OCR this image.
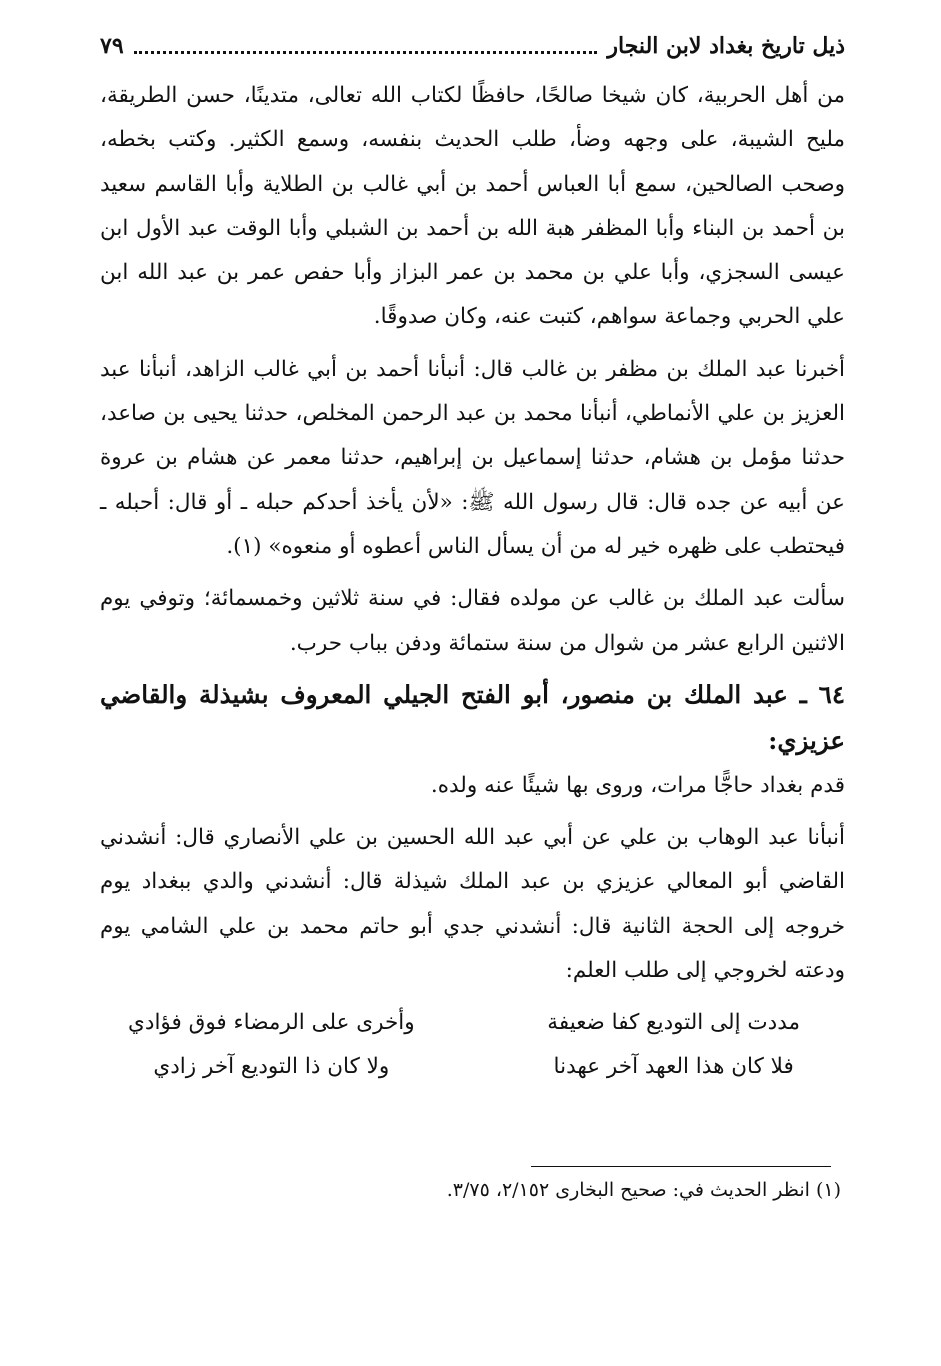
ذيل تاريخ بغداد لابن النجار
٧٩

من أهل الحربية، كان شيخا صالحًا، حافظًا لكتاب الله تعالى، متدينًا، حسن الطريقة، مليح الشيبة، على وجهه وضأ، طلب الحديث بنفسه، وسمع الكثير. وكتب بخطه، وصحب الصالحين، سمع أبا العباس أحمد بن أبي غالب بن الطلاية وأبا القاسم سعيد بن أحمد بن البناء وأبا المظفر هبة الله بن أحمد بن الشبلي وأبا الوقت عبد الأول ابن عيسى السجزي، وأبا علي بن محمد بن عمر البزاز وأبا حفص عمر بن عبد الله ابن علي الحربي وجماعة سواهم، كتبت عنه، وكان صدوقًا.

أخبرنا عبد الملك بن مظفر بن غالب قال: أنبأنا أحمد بن أبي غالب الزاهد، أنبأنا عبد العزيز بن علي الأنماطي، أنبأنا محمد بن عبد الرحمن المخلص، حدثنا يحيى بن صاعد، حدثنا مؤمل بن هشام، حدثنا إسماعيل بن إبراهيم، حدثنا معمر عن هشام بن عروة عن أبيه عن جده قال: قال رسول الله ﷺ: «لأن يأخذ أحدكم حبله ـ أو قال: أحبله ـ فيحتطب على ظهره خير له من أن يسأل الناس أعطوه أو منعوه» (١).

سألت عبد الملك بن غالب عن مولده فقال: في سنة ثلاثين وخمسمائة؛ وتوفي يوم الاثنين الرابع عشر من شوال من سنة ستمائة ودفن بباب حرب.

٦٤ ـ عبد الملك بن منصور، أبو الفتح الجيلي المعروف بشيذلة والقاضي عزيزي:

قدم بغداد حاجًّا مرات، وروى بها شيئًا عنه ولده.

أنبأنا عبد الوهاب بن علي عن أبي عبد الله الحسين بن علي الأنصاري قال: أنشدني القاضي أبو المعالي عزيزي بن عبد الملك شيذلة قال: أنشدني والدي ببغداد يوم خروجه إلى الحجة الثانية قال: أنشدني جدي أبو حاتم محمد بن علي الشامي يوم ودعته لخروجي إلى طلب العلم:

مددت إلى التوديع كفا ضعيفة
وأخرى على الرمضاء فوق فؤادي
فلا كان هذا العهد آخر عهدنا
ولا كان ذا التوديع آخر زادي
(١) انظر الحديث في: صحيح البخارى ٢/١٥٢، ٣/٧٥.
